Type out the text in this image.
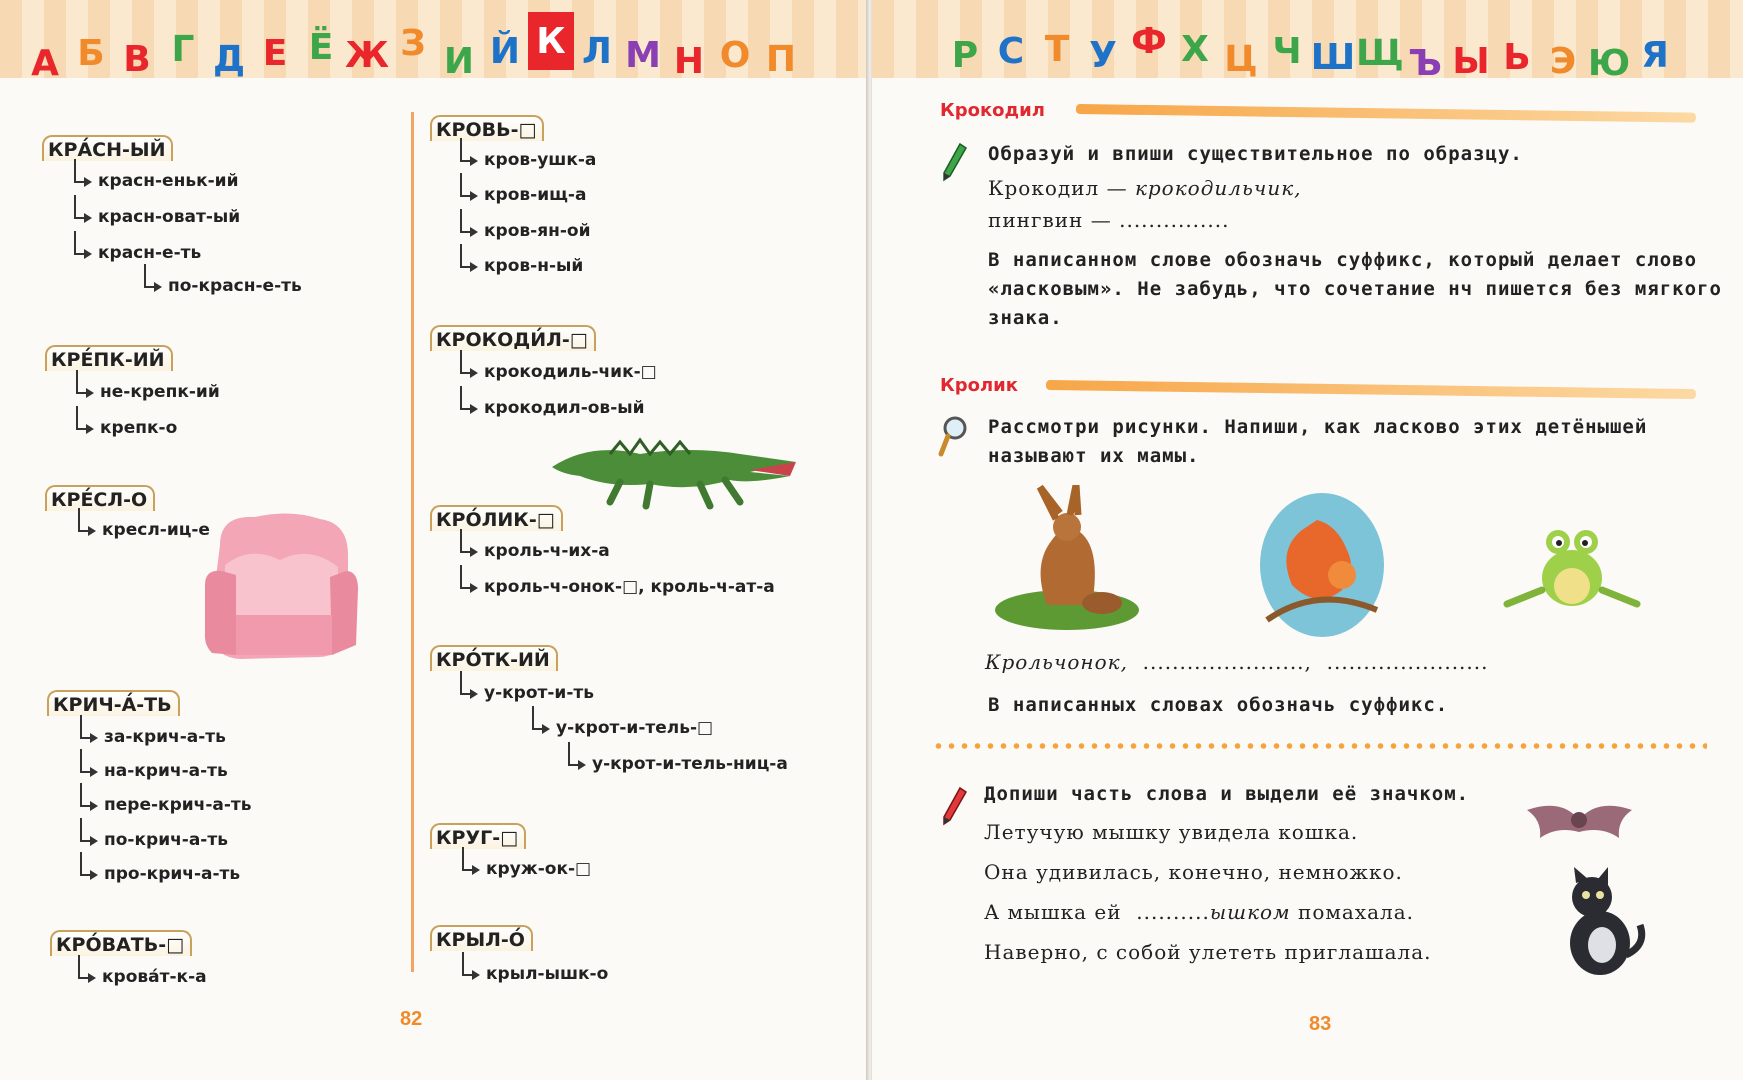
А Б В Г Д Е Ё Ж З И Й К Л М Н О П
КРА́СН-ЫЙ
красн-еньк-ий
красн-оват-ый
красн-е-ть
по-красн-е-ть
КРЕ́ПК-ИЙ
не-крепк-ий
крепк-о
КРЕ́СЛ-О
кресл-иц-е
КРИЧ-А́-ТЬ
за-крич-а-ть
на-крич-а-ть
пере-крич-а-ть
по-крич-а-ть
про-крич-а-ть
КРО́ВАТЬ-□
крова́т-к-а
КРОВЬ-□
кров-ушк-а
кров-ищ-а
кров-ян-ой
кров-н-ый
КРОКОДИ́Л-□
крокодиль-чик-□
крокодил-ов-ый
КРО́ЛИК-□
кроль-ч-их-а
кроль-ч-онок-□, кроль-ч-ат-а
КРО́ТК-ИЙ
у-крот-и-ть
у-крот-и-тель-□
у-крот-и-тель-ниц-а
КРУГ-□
круж-ок-□
КРЫЛ-О́
крыл-ышк-о
82
Р С Т У Ф Х Ц Ч Ш Щ Ъ Ы Ь Э Ю Я
Крокодил
Образуй и впиши существительное по образцу.
Крокодил — крокодильчик,
пингвин — ...............
В написанном слове обозначь суффикс, который делает слово «ласковым». Не забудь, что сочетание нч пишется без мягкого знака.
Кролик
Рассмотри рисунки. Напиши, как ласково этих детёнышей называют их мамы.
Крольчонок, ......................, ......................
В написанных словах обозначь суффикс.
Допиши часть слова и выдели её значком.
Летучую мышку увидела кошка.
Она удивилась, конечно, немножко.
А мышка ей ..........ышком помахала.
Наверно, с собой улететь приглашала.
83
